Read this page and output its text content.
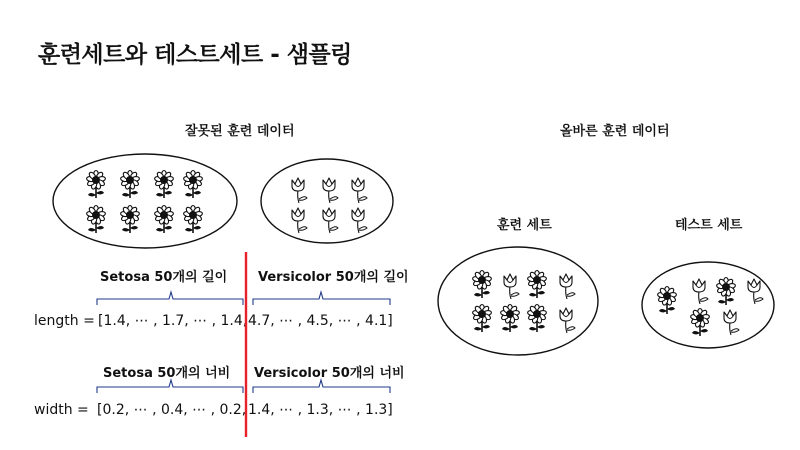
훈련세트와 테스트세트 - 샘플링
잘못된 훈련 데이터	올바른 훈련 데이터
훈련 세트	테스트 세트
Setosa 50개의 길이 Versicolor 50개의 길이
length = [1.4, ⋯ , 1.7, ⋯ , 1.4, 4.7, ⋯ , 4.5, ⋯ , 4.1]
Setosa 50개의 너비 Versicolor 50개의 너비
width = [0.2, ⋯ , 0.4, ⋯ , 0.2, 1.4, ⋯ , 1.3, ⋯ , 1.3]
